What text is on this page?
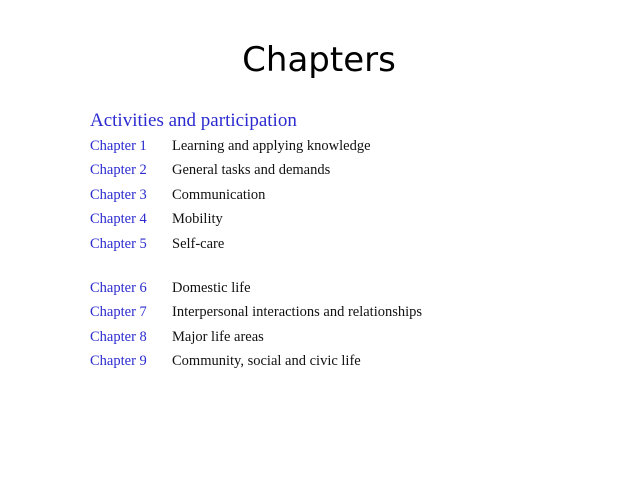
Chapters
Activities and participation
Chapter 1	Learning and applying knowledge
Chapter 2	General tasks and demands
Chapter 3	Communication
Chapter 4	Mobility
Chapter 5	Self-care
Chapter 6	Domestic life
Chapter 7	Interpersonal interactions and relationships
Chapter 8	Major life areas
Chapter 9	Community, social and civic life
